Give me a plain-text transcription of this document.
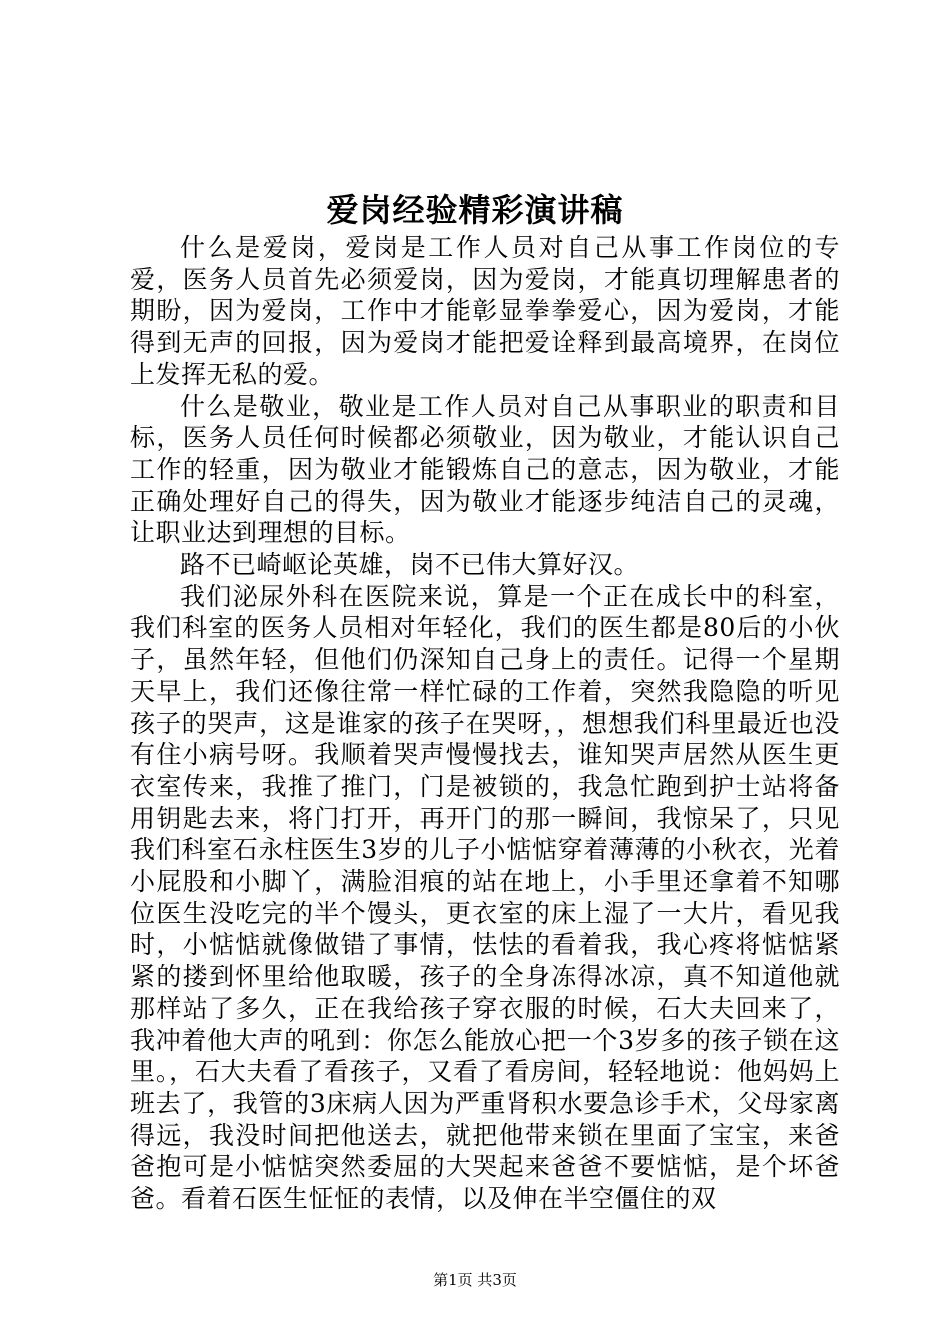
爱岗经验精彩演讲稿

什么是爱岗，爱岗是工作人员对自己从事工作岗位的专爱，医务人员首先必须爱岗，因为爱岗，才能真切理解患者的期盼，因为爱岗，工作中才能彰显拳拳爱心，因为爱岗，才能得到无声的回报，因为爱岗才能把爱诠释到最高境界，在岗位上发挥无私的爱。

什么是敬业，敬业是工作人员对自己从事职业的职责和目标，医务人员任何时候都必须敬业，因为敬业，才能认识自己工作的轻重，因为敬业才能锻炼自己的意志，因为敬业，才能正确处理好自己的得失，因为敬业才能逐步纯洁自己的灵魂，让职业达到理想的目标。

路不已崎岖论英雄，岗不已伟大算好汉。

我们泌尿外科在医院来说，算是一个正在成长中的科室，我们科室的医务人员相对年轻化，我们的医生都是80后的小伙子，虽然年轻，但他们仍深知自己身上的责任。记得一个星期天早上，我们还像往常一样忙碌的工作着，突然我隐隐的听见孩子的哭声，这是谁家的孩子在哭呀，，想想我们科里最近也没有住小病号呀。我顺着哭声慢慢找去，谁知哭声居然从医生更衣室传来，我推了推门，门是被锁的，我急忙跑到护士站将备用钥匙去来，将门打开，再开门的那一瞬间，我惊呆了，只见我们科室石永柱医生3岁的儿子小惦惦穿着薄薄的小秋衣，光着小屁股和小脚丫，满脸泪痕的站在地上，小手里还拿着不知哪位医生没吃完的半个馒头，更衣室的床上湿了一大片，看见我时，小惦惦就像做错了事情，怯怯的看着我，我心疼将惦惦紧紧的搂到怀里给他取暖，孩子的全身冻得冰凉，真不知道他就那样站了多久，正在我给孩子穿衣服的时候，石大夫回来了，我冲着他大声的吼到：你怎么能放心把一个3岁多的孩子锁在这里。，石大夫看了看孩子，又看了看房间，轻轻地说：他妈妈上班去了，我管的3床病人因为严重肾积水要急诊手术，父母家离得远，我没时间把他送去，就把他带来锁在里面了宝宝，来爸爸抱可是小惦惦突然委屈的大哭起来爸爸不要惦惦，是个坏爸爸。看着石医生怔怔的表情，以及伸在半空僵住的双

第1页 共3页
